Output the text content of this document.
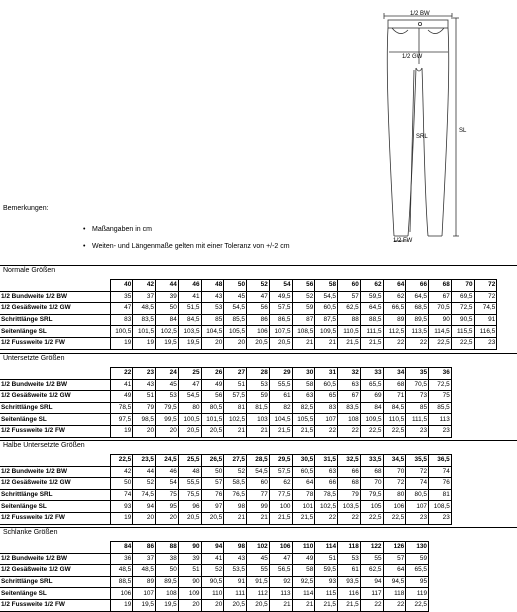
1/2 BW
1/2 GW
SRL
SL
1/2 FW
Bemerkungen:
• Maßangaben in cm
• Weiten- und Längenmaße gelten mit einer Toleranz von +/-2 cm
Normale Größen
	40	42	44	46	48	50	52	54	56	58	60	62	64	66	68	70	72
1/2 Bundweite 1/2 BW	35	37	39	41	43	45	47	49,5	52	54,5	57	59,5	62	64,5	67	69,5	72
1/2 Gesäßweite 1/2 GW	47	48,5	50	51,5	53	54,5	56	57,5	59	60,5	62,5	64,5	66,5	68,5	70,5	72,5	74,5
Schrittlänge SRL	83	83,5	84	84,5	85	85,5	86	86,5	87	87,5	88	88,5	89	89,5	90	90,5	91
Seitenlänge SL	100,5	101,5	102,5	103,5	104,5	105,5	106	107,5	108,5	109,5	110,5	111,5	112,5	113,5	114,5	115,5	116,5
1/2 Fussweite 1/2 FW	19	19	19,5	19,5	20	20	20,5	20,5	21	21	21,5	21,5	22	22	22,5	22,5	23
Untersetzte Größen
	22	23	24	25	26	27	28	29	30	31	32	33	34	35	36
1/2 Bundweite 1/2 BW	41	43	45	47	49	51	53	55,5	58	60,5	63	65,5	68	70,5	72,5
1/2 Gesäßweite 1/2 GW	49	51	53	54,5	56	57,5	59	61	63	65	67	69	71	73	75
Schrittlänge SRL	78,5	79	79,5	80	80,5	81	81,5	82	82,5	83	83,5	84	84,5	85	85,5
Seitenlänge SL	97,5	98,5	99,5	100,5	101,5	102,5	103	104,5	105,5	107	108	109,5	110,5	111,5	113
1/2 Fussweite 1/2 FW	19	20	20	20,5	20,5	21	21	21,5	21,5	22	22	22,5	22,5	23	23
Halbe Untersetzte Größen
	22,5	23,5	24,5	25,5	26,5	27,5	28,5	29,5	30,5	31,5	32,5	33,5	34,5	35,5	36,5
1/2 Bundweite 1/2 BW	42	44	46	48	50	52	54,5	57,5	60,5	63	66	68	70	72	74
1/2 Gesäßweite 1/2 GW	50	52	54	55,5	57	58,5	60	62	64	66	68	70	72	74	76
Schrittlänge SRL	74	74,5	75	75,5	76	76,5	77	77,5	78	78,5	79	79,5	80	80,5	81
Seitenlänge SL	93	94	95	96	97	98	99	100	101	102,5	103,5	105	106	107	108,5
1/2 Fussweite 1/2 FW	19	20	20	20,5	20,5	21	21	21,5	21,5	22	22	22,5	22,5	23	23
Schlanke Größen
	84	86	88	90	94	98	102	106	110	114	118	122	126	130
1/2 Bundweite 1/2 BW	36	37	38	39	41	43	45	47	49	51	53	55	57	59
1/2 Gesäßweite 1/2 GW	48,5	48,5	50	51	52	53,5	55	56,5	58	59,5	61	62,5	64	65,5
Schrittlänge SRL	88,5	89	89,5	90	90,5	91	91,5	92	92,5	93	93,5	94	94,5	95
Seitenlänge SL	106	107	108	109	110	111	112	113	114	115	116	117	118	119
1/2 Fussweite 1/2 FW	19	19,5	19,5	20	20	20,5	20,5	21	21	21,5	21,5	22	22	22,5
